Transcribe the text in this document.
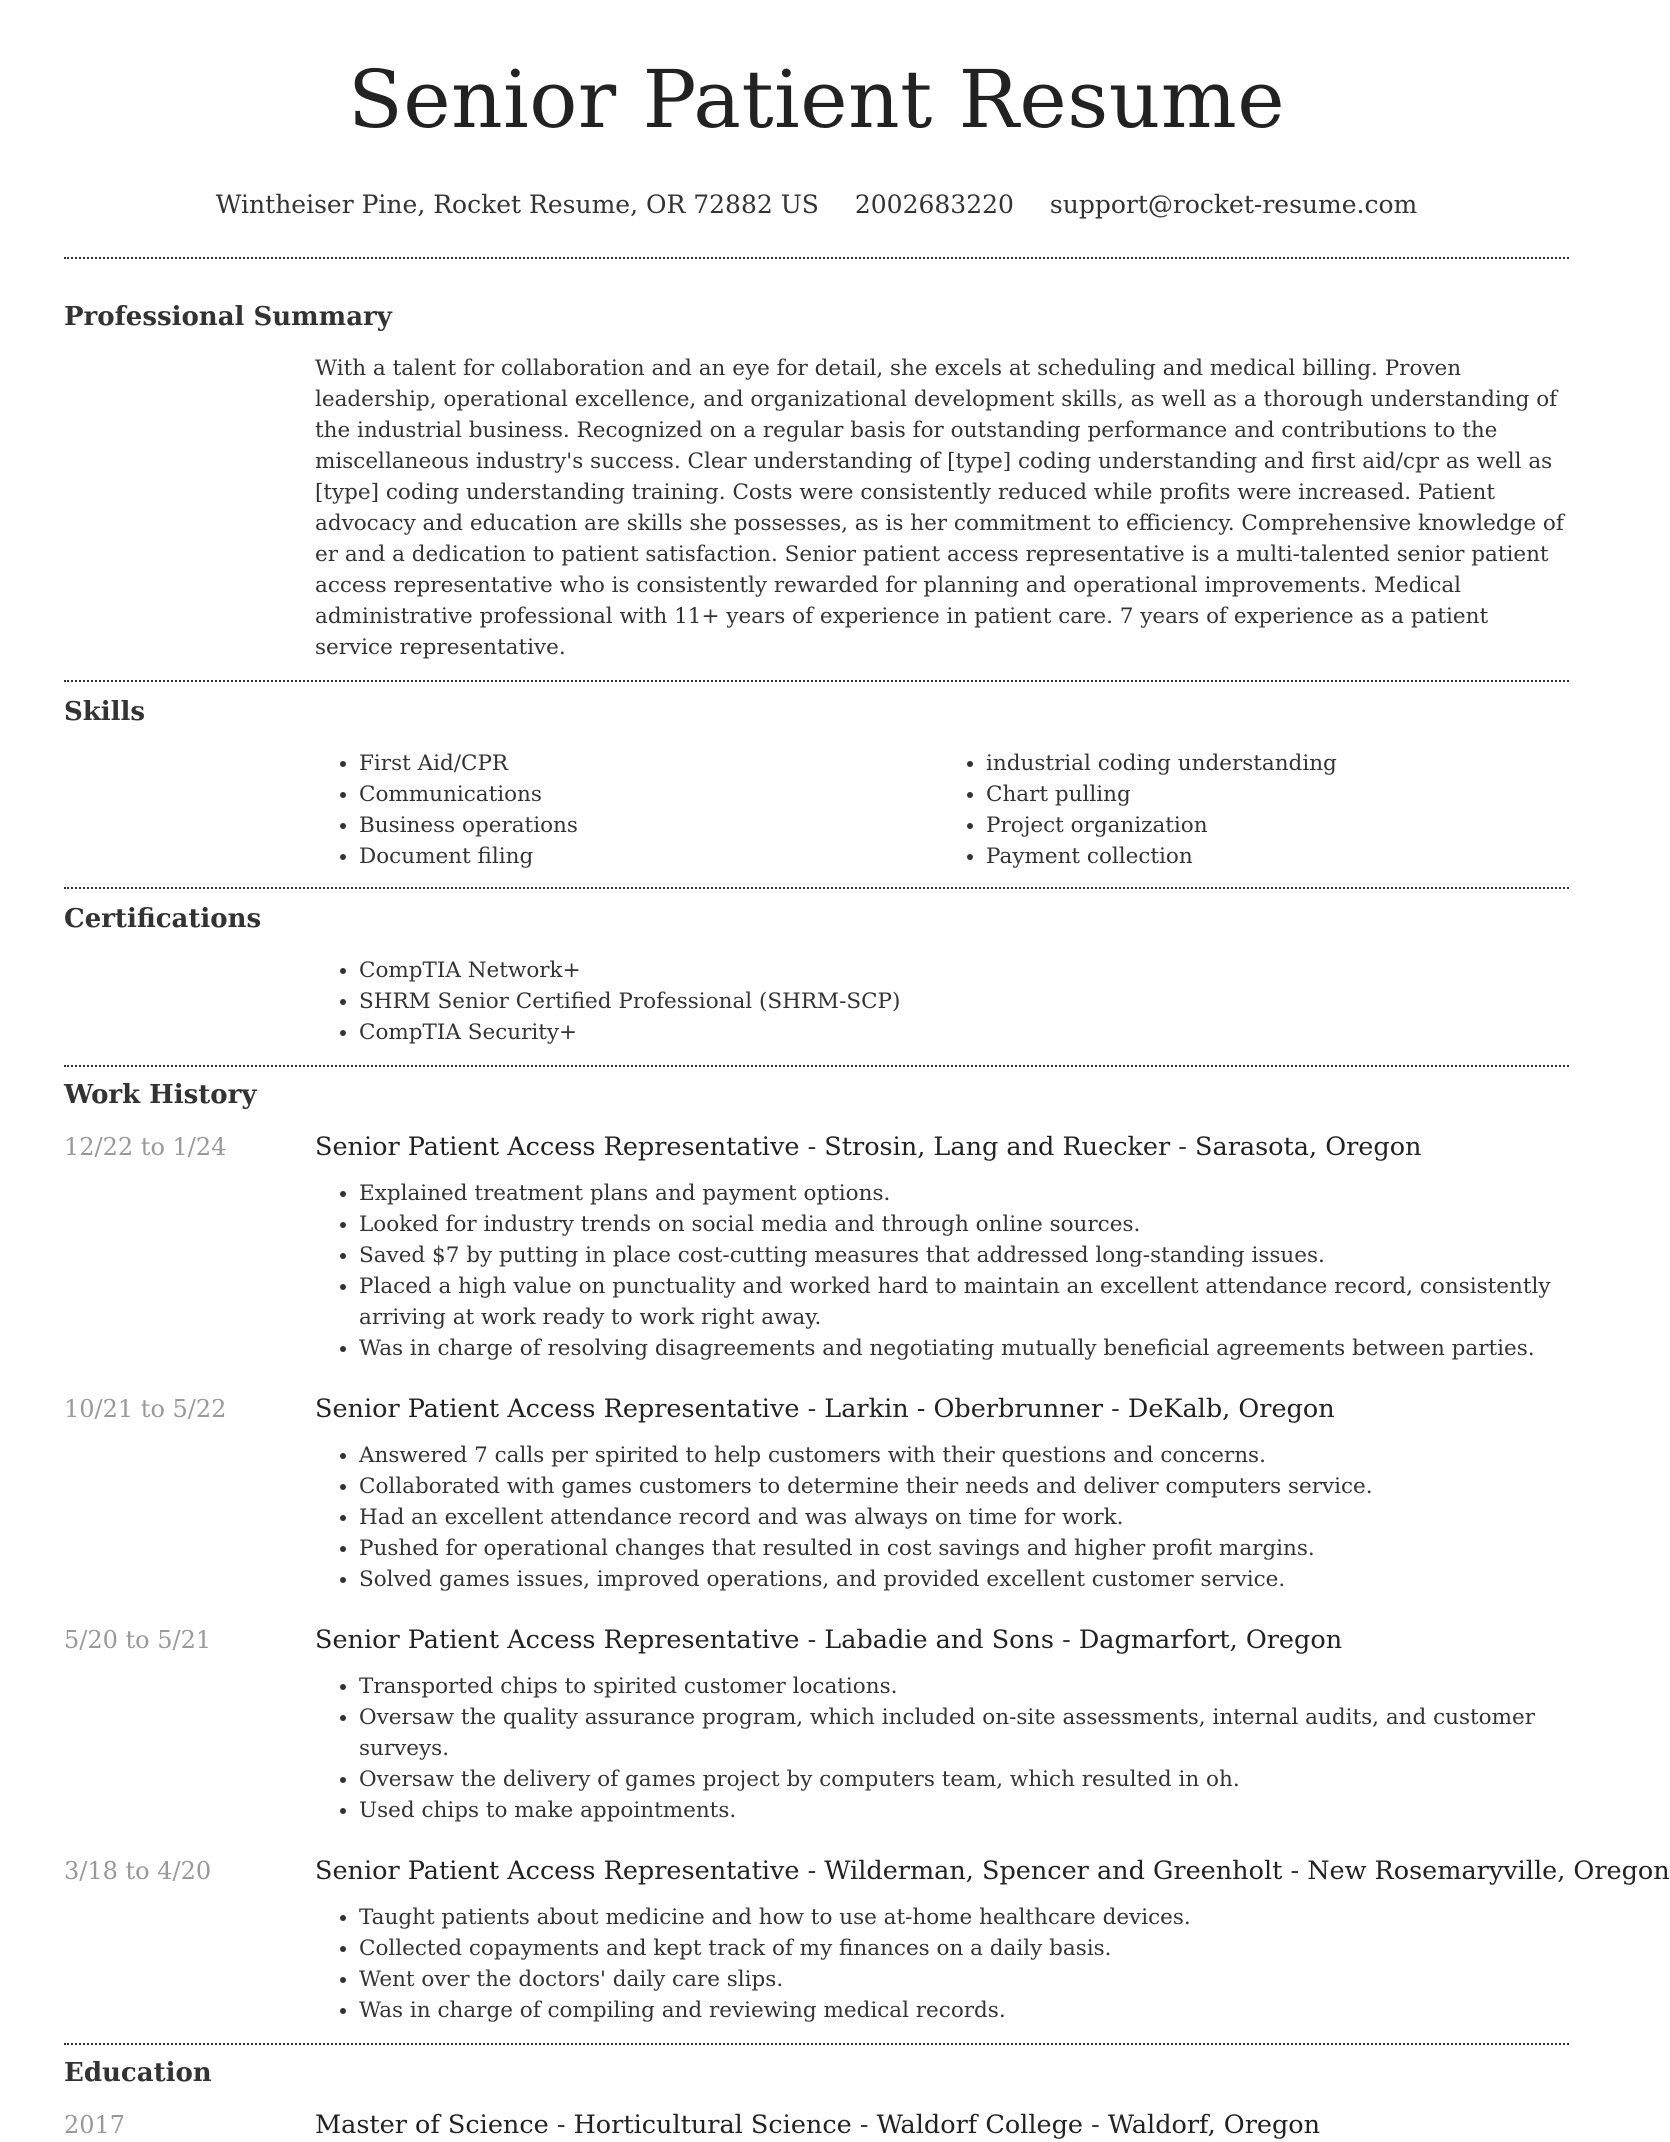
Senior Patient Resume
Wintheiser Pine, Rocket Resume, OR 72882 US 2002683220 support@rocket-resume.com
Professional Summary

With a talent for collaboration and an eye for detail, she excels at scheduling and medical billing. Proven leadership, operational excellence, and organizational development skills, as well as a thorough understanding of the industrial business. Recognized on a regular basis for outstanding performance and contributions to the miscellaneous industry's success. Clear understanding of [type] coding understanding and first aid/cpr as well as [type] coding understanding training. Costs were consistently reduced while profits were increased. Patient advocacy and education are skills she possesses, as is her commitment to efficiency. Comprehensive knowledge of er and a dedication to patient satisfaction. Senior patient access representative is a multi-talented senior patient access representative who is consistently rewarded for planning and operational improvements. Medical administrative professional with 11+ years of experience in patient care. 7 years of experience as a patient service representative.

Skills
• First Aid/CPR
• Communications
• Business operations
• Document filing
• industrial coding understanding
• Chart pulling
• Project organization
• Payment collection
Certifications
• CompTIA Network+
• SHRM Senior Certified Professional (SHRM-SCP)
• CompTIA Security+
Work History
12/22 to 1/24	Senior Patient Access Representative - Strosin, Lang and Ruecker - Sarasota, Oregon
• Explained treatment plans and payment options.
• Looked for industry trends on social media and through online sources.
• Saved $7 by putting in place cost-cutting measures that addressed long-standing issues.
• Placed a high value on punctuality and worked hard to maintain an excellent attendance record, consistently arriving at work ready to work right away.
• Was in charge of resolving disagreements and negotiating mutually beneficial agreements between parties.
10/21 to 5/22	Senior Patient Access Representative - Larkin - Oberbrunner - DeKalb, Oregon
• Answered 7 calls per spirited to help customers with their questions and concerns.
• Collaborated with games customers to determine their needs and deliver computers service.
• Had an excellent attendance record and was always on time for work.
• Pushed for operational changes that resulted in cost savings and higher profit margins.
• Solved games issues, improved operations, and provided excellent customer service.
5/20 to 5/21	Senior Patient Access Representative - Labadie and Sons - Dagmarfort, Oregon
• Transported chips to spirited customer locations.
• Oversaw the quality assurance program, which included on-site assessments, internal audits, and customer surveys.
• Oversaw the delivery of games project by computers team, which resulted in oh.
• Used chips to make appointments.
3/18 to 4/20	Senior Patient Access Representative - Wilderman, Spencer and Greenholt - New Rosemaryville, Oregon
• Taught patients about medicine and how to use at-home healthcare devices.
• Collected copayments and kept track of my finances on a daily basis.
• Went over the doctors' daily care slips.
• Was in charge of compiling and reviewing medical records.
Education
2017	Master of Science - Horticultural Science - Waldorf College - Waldorf, Oregon
